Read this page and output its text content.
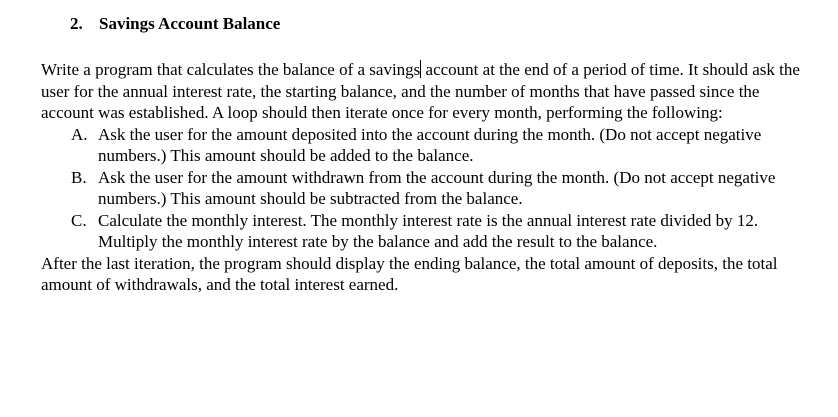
2. Savings Account Balance

Write a program that calculates the balance of a savings account at the end of a period of time. It should ask the user for the annual interest rate, the starting balance, and the number of months that have passed since the account was established. A loop should then iterate once for every month, performing the following:

A. Ask the user for the amount deposited into the account during the month. (Do not accept negative numbers.) This amount should be added to the balance.
B. Ask the user for the amount withdrawn from the account during the month. (Do not accept negative numbers.) This amount should be subtracted from the balance.
C. Calculate the monthly interest. The monthly interest rate is the annual interest rate divided by 12. Multiply the monthly interest rate by the balance and add the result to the balance.

After the last iteration, the program should display the ending balance, the total amount of deposits, the total amount of withdrawals, and the total interest earned.
